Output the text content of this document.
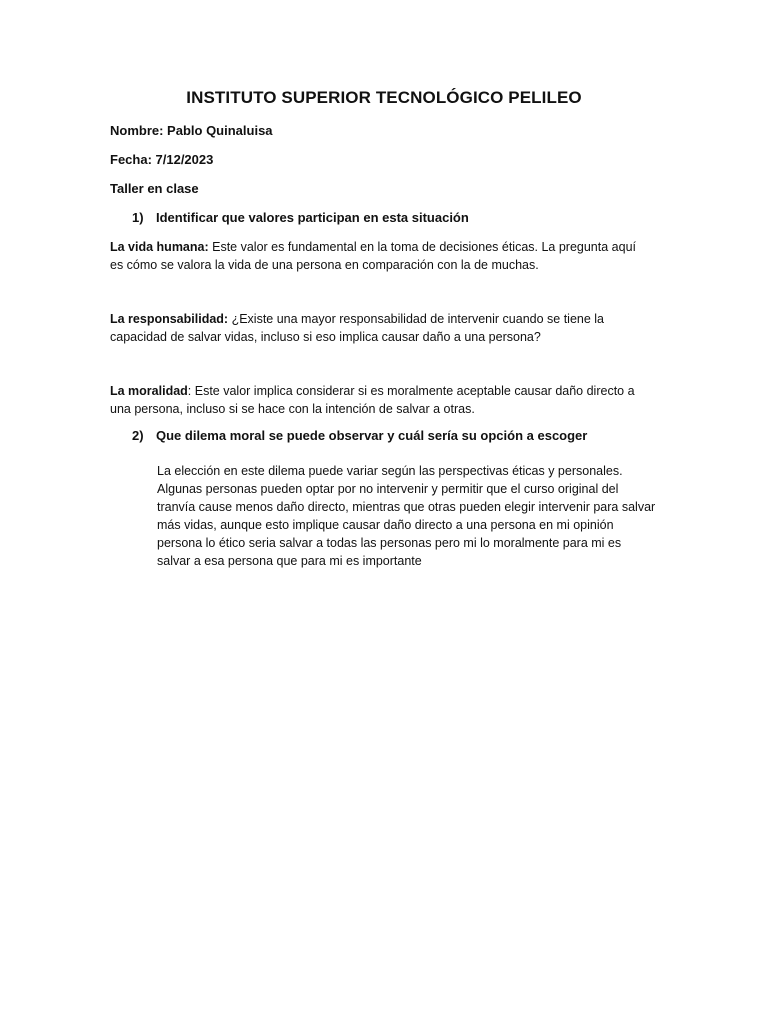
INSTITUTO SUPERIOR TECNOLÓGICO PELILEO
Nombre: Pablo Quinaluisa
Fecha: 7/12/2023
Taller en clase
1) Identificar que valores participan en esta situación
La vida humana: Este valor es fundamental en la toma de decisiones éticas. La pregunta aquí es cómo se valora la vida de una persona en comparación con la de muchas.
La responsabilidad: ¿Existe una mayor responsabilidad de intervenir cuando se tiene la capacidad de salvar vidas, incluso si eso implica causar daño a una persona?
La moralidad: Este valor implica considerar si es moralmente aceptable causar daño directo a una persona, incluso si se hace con la intención de salvar a otras.
2) Que dilema moral se puede observar y cuál sería su opción a escoger
La elección en este dilema puede variar según las perspectivas éticas y personales. Algunas personas pueden optar por no intervenir y permitir que el curso original del tranvía cause menos daño directo, mientras que otras pueden elegir intervenir para salvar más vidas, aunque esto implique causar daño directo a una persona en mi opinión persona lo ético seria salvar a todas las personas pero mi lo moralmente para mi es salvar a esa persona que para mi es importante
